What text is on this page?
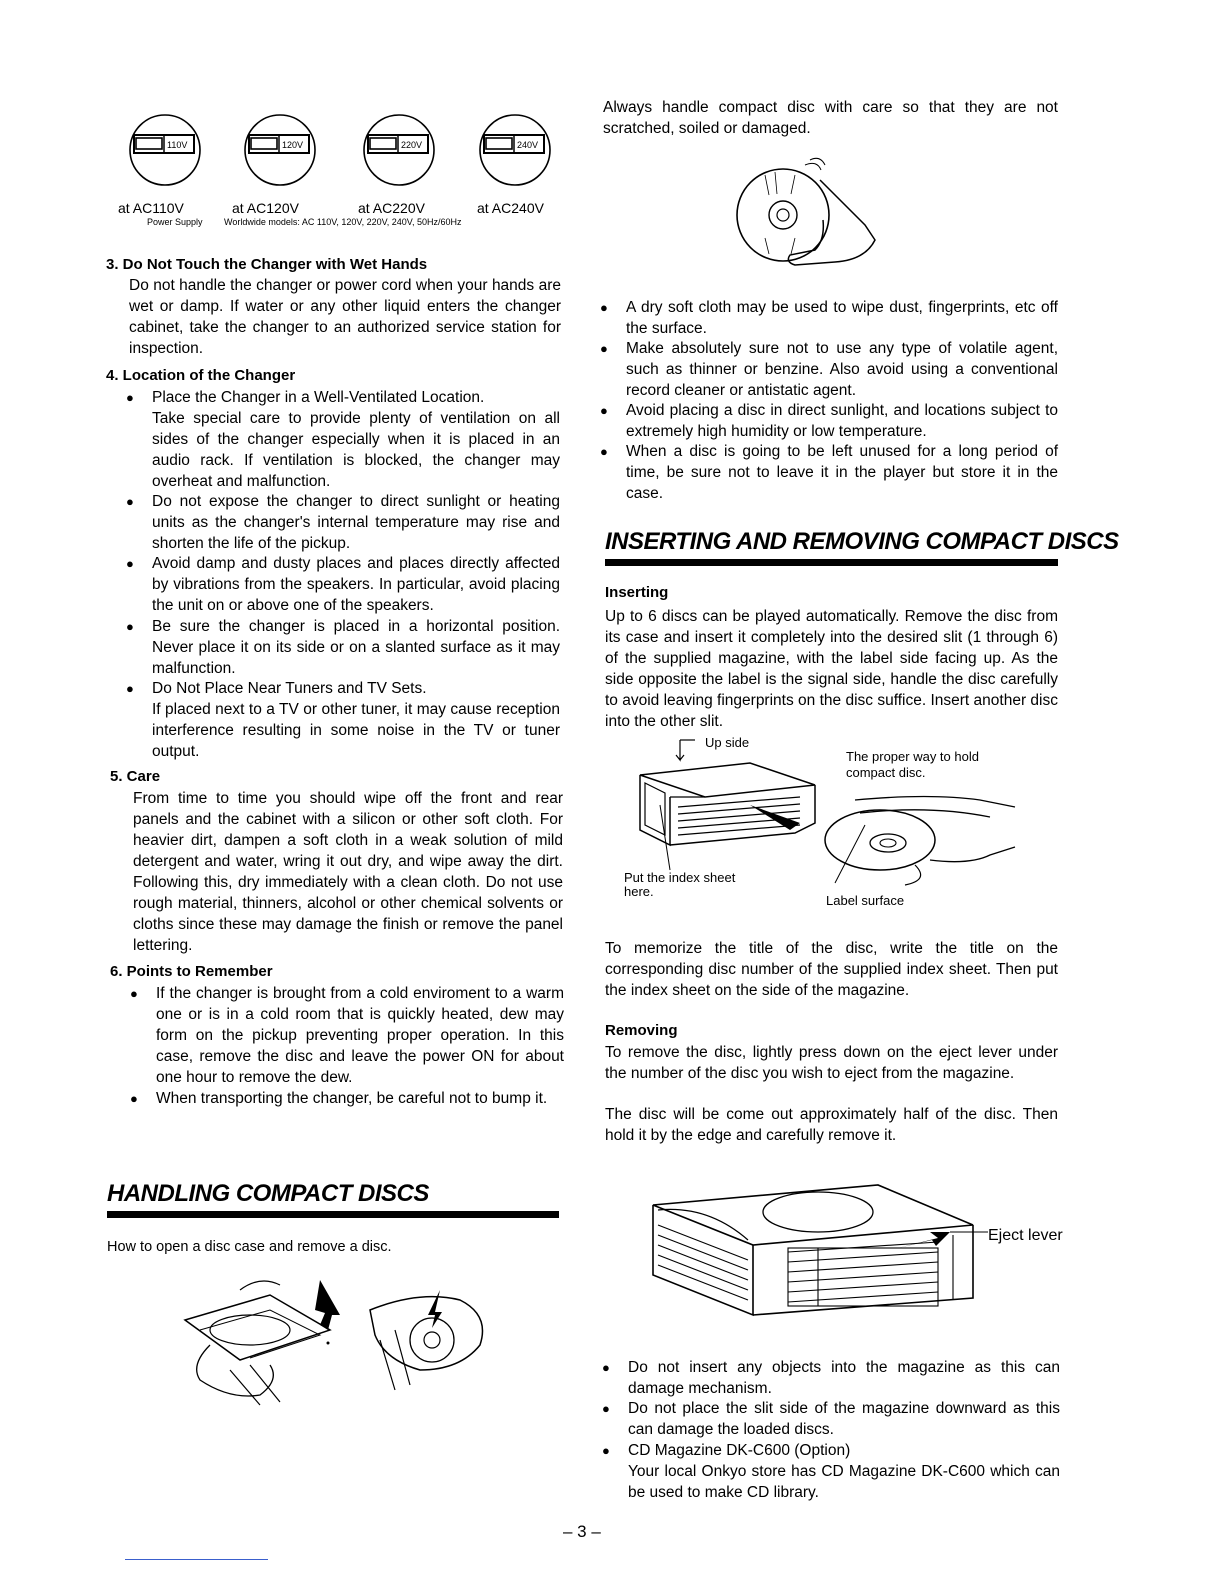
110V	120V	220V	240V
at AC110V	at AC120V	at AC220V	at AC240V
Power Supply Worldwide models: AC 110V, 120V, 220V, 240V, 50Hz/60Hz
3. Do Not Touch the Changer with Wet Hands

Do not handle the changer or power cord when your hands are wet or damp. If water or any other liquid enters the changer cabinet, take the changer to an authorized service station for inspection.

4. Location of the Changer

● Place the Changer in a Well-Ventilated Location.

Take special care to provide plenty of ventilation on all sides of the changer especially when it is placed in an audio rack. If ventilation is blocked, the changer may overheat and malfunction.

● Do not expose the changer to direct sunlight or heating units as the changer's internal temperature may rise and shorten the life of the pickup.

● Avoid damp and dusty places and places directly affected by vibrations from the speakers. In particular, avoid placing the unit on or above one of the speakers.

● Be sure the changer is placed in a horizontal position. Never place it on its side or on a slanted surface as it may malfunction.

● Do Not Place Near Tuners and TV Sets.

If placed next to a TV or other tuner, it may cause reception interference resulting in some noise in the TV or tuner output.

5. Care

From time to time you should wipe off the front and rear panels and the cabinet with a silicon or other soft cloth. For heavier dirt, dampen a soft cloth in a weak solution of mild detergent and water, wring it out dry, and wipe away the dirt. Following this, dry immediately with a clean cloth. Do not use rough material, thinners, alcohol or other chemical solvents or cloths since these may damage the finish or remove the panel lettering.

6. Points to Remember

● If the changer is brought from a cold enviroment to a warm one or is in a cold room that is quickly heated, dew may form on the pickup preventing proper operation. In this case, remove the disc and leave the power ON for about one hour to remove the dew.

● When transporting the changer, be careful not to bump it.

HANDLING COMPACT DISCS

How to open a disc case and remove a disc.

Always handle compact disc with care so that they are not scratched, soiled or damaged.

● A dry soft cloth may be used to wipe dust, fingerprints, etc off the surface.

● Make absolutely sure not to use any type of volatile agent, such as thinner or benzine. Also avoid using a conventional record cleaner or antistatic agent.

● Avoid placing a disc in direct sunlight, and locations subject to extremely high humidity or low temperature.

● When a disc is going to be left unused for a long period of time, be sure not to leave it in the player but store it in the case.

INSERTING AND REMOVING COMPACT DISCS
Inserting

Up to 6 discs can be played automatically. Remove the disc from its case and insert it completely into the desired slit (1 through 6) of the supplied magazine, with the label side facing up. As the side opposite the label is the signal side, handle the disc carefully to avoid leaving fingerprints on the disc suffice. Insert another disc into the other slit.

Up side
The proper way to hold compact disc.
Put the index sheet here.
Label surface

To memorize the title of the disc, write the title on the corresponding disc number of the supplied index sheet. Then put the index sheet on the side of the magazine.

Removing

To remove the disc, lightly press down on the eject lever under the number of the disc you wish to eject from the magazine.

The disc will be come out approximately half of the disc. Then hold it by the edge and carefully remove it.

Eject lever

● Do not insert any objects into the magazine as this can damage mechanism.

● Do not place the slit side of the magazine downward as this can damage the loaded discs.

● CD Magazine DK-C600 (Option)

Your local Onkyo store has CD Magazine DK-C600 which can be used to make CD library.

– 3 –
